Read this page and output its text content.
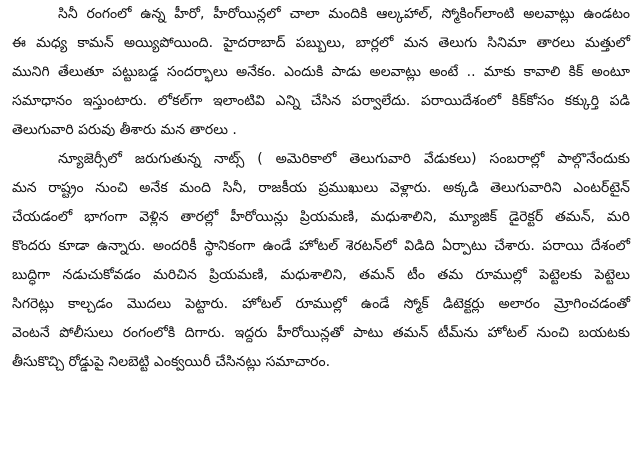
సినీ రంగంలో ఉన్న హీరో, హీరోయిన్లలో చాలా మందికి ఆల్కహాల్, స్మోకింగ్‌లాంటి అలవాట్లు ఉండటం
ఈ మధ్య కామన్ అయ్యిపోయింది. హైదరాబాద్ పబ్బులు, బార్లలో మన తెలుగు సినిమా తారలు మత్తులో
మునిగి తేలుతూ పట్టుబడ్డ సందర్భాలు అనేకం. ఎందుకి పాడు అలవాట్లు అంటే .. మాకు కావాలి కిక్ అంటూ
సమాధానం ఇస్తుంటారు. లోకల్‌గా ఇలాంటివి ఎన్ని చేసిన పర్వాలేదు. పరాయిదేశంలో కిక్‌కోసం కక్కుర్తి పడి
తెలుగువారి పరువు తీశారు మన తారలు .
న్యూజెర్సీలో జరుగుతున్న నాట్స్ ( అమెరికాలో తెలుగువారి వేడుకలు) సంబరాల్లో పాల్గొనేందుకు
మన రాష్ట్రం నుంచి అనేక మంది సినీ, రాజకీయ ప్రముఖులు వెళ్లారు. అక్కడి తెలుగువారిని ఎంటర్‌టైన్
చేయడంలో భాగంగా వెళ్లిన తారల్లో హీరోయిన్లు ప్రియమణి, మధుశాలిని, మ్యూజిక్ డైరెక్టర్ తమన్, మరి
కొందరు కూడా ఉన్నారు. అందరికీ స్థానికంగా ఉండే హోటల్ శెరటన్‌లో విడిది ఏర్పాటు చేశారు. పరాయి దేశంలో
బుద్ధిగా నడుచుకోవడం మరిచిన ప్రియమణి, మధుశాలిని, తమన్ టీం తమ రూముల్లో పెట్టెలకు పెట్టెలు
సిగరెట్లు కాల్చడం మొదలు పెట్టారు. హోటల్ రూముల్లో ఉండే స్మోక్ డిటెక్టర్లు అలారం మ్రోగించడంతో
వెంటనే పోలీసులు రంగంలోకి దిగారు. ఇద్దరు హీరోయిన్లతో పాటు తమన్ టీమ్‌ను హోటల్ నుంచి బయటకు
తీసుకొచ్చి రోడ్డుపై నిలబెట్టి ఎంక్వయిరీ చేసినట్లు సమాచారం.
